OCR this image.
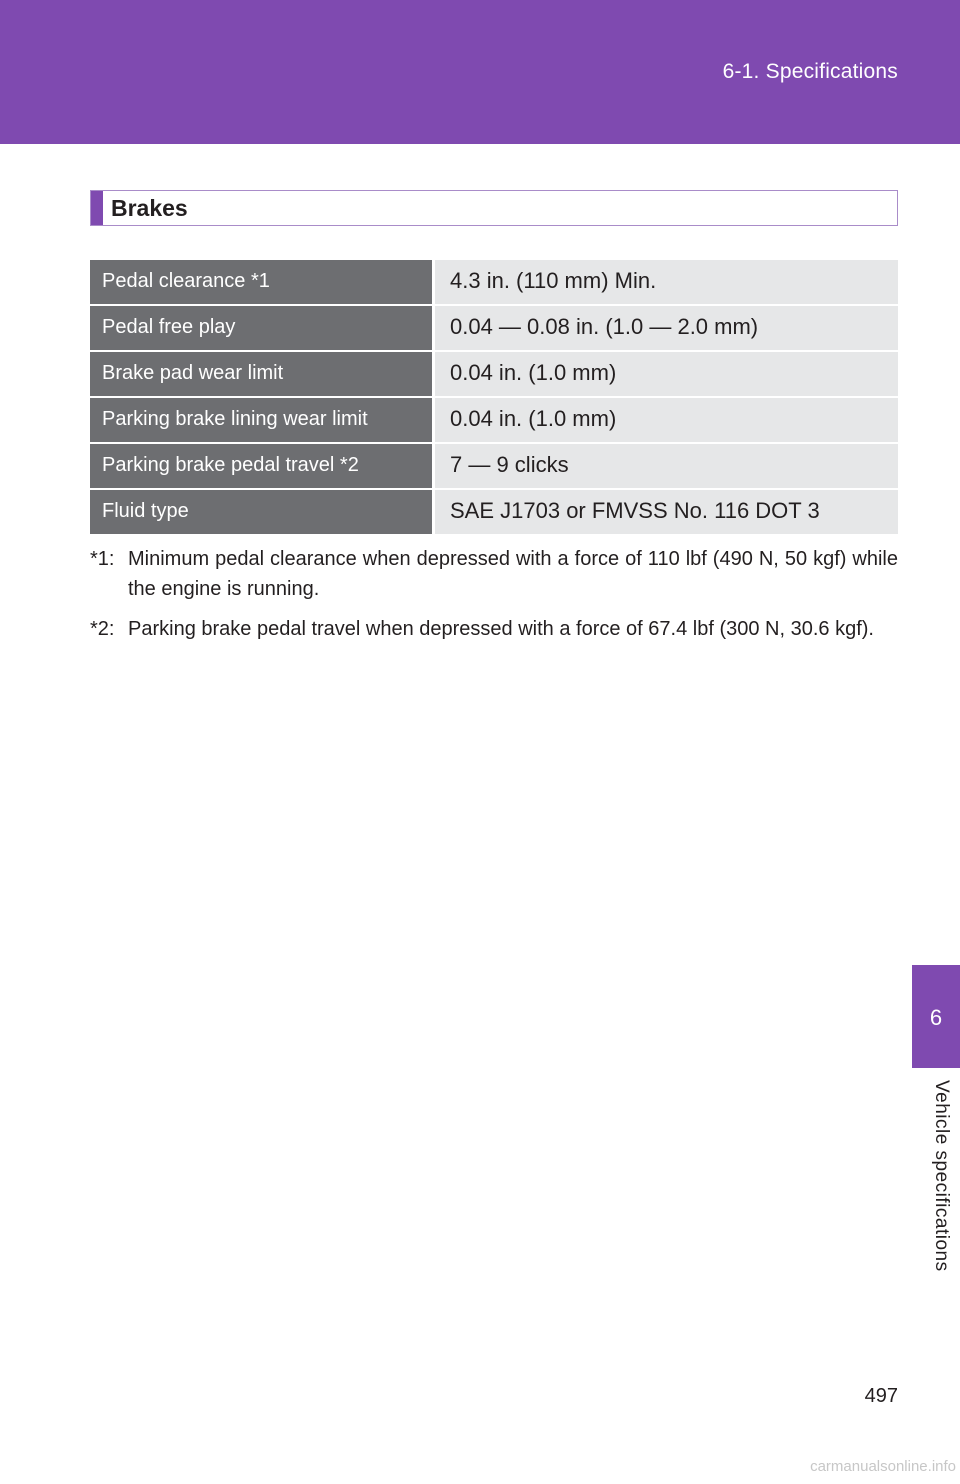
6-1. Specifications
Brakes
Pedal clearance *1	4.3 in. (110 mm) Min.
Pedal free play	0.04 — 0.08 in. (1.0 — 2.0 mm)
Brake pad wear limit	0.04 in. (1.0 mm)
Parking brake lining wear limit	0.04 in. (1.0 mm)
Parking brake pedal travel *2	7 — 9 clicks
Fluid type	SAE J1703 or FMVSS No. 116 DOT 3
*1: Minimum pedal clearance when depressed with a force of 110 lbf (490 N, 50 kgf) while the engine is running.
*2: Parking brake pedal travel when depressed with a force of 67.4 lbf (300 N, 30.6 kgf).
6
Vehicle specifications
497
carmanualsonline.info
